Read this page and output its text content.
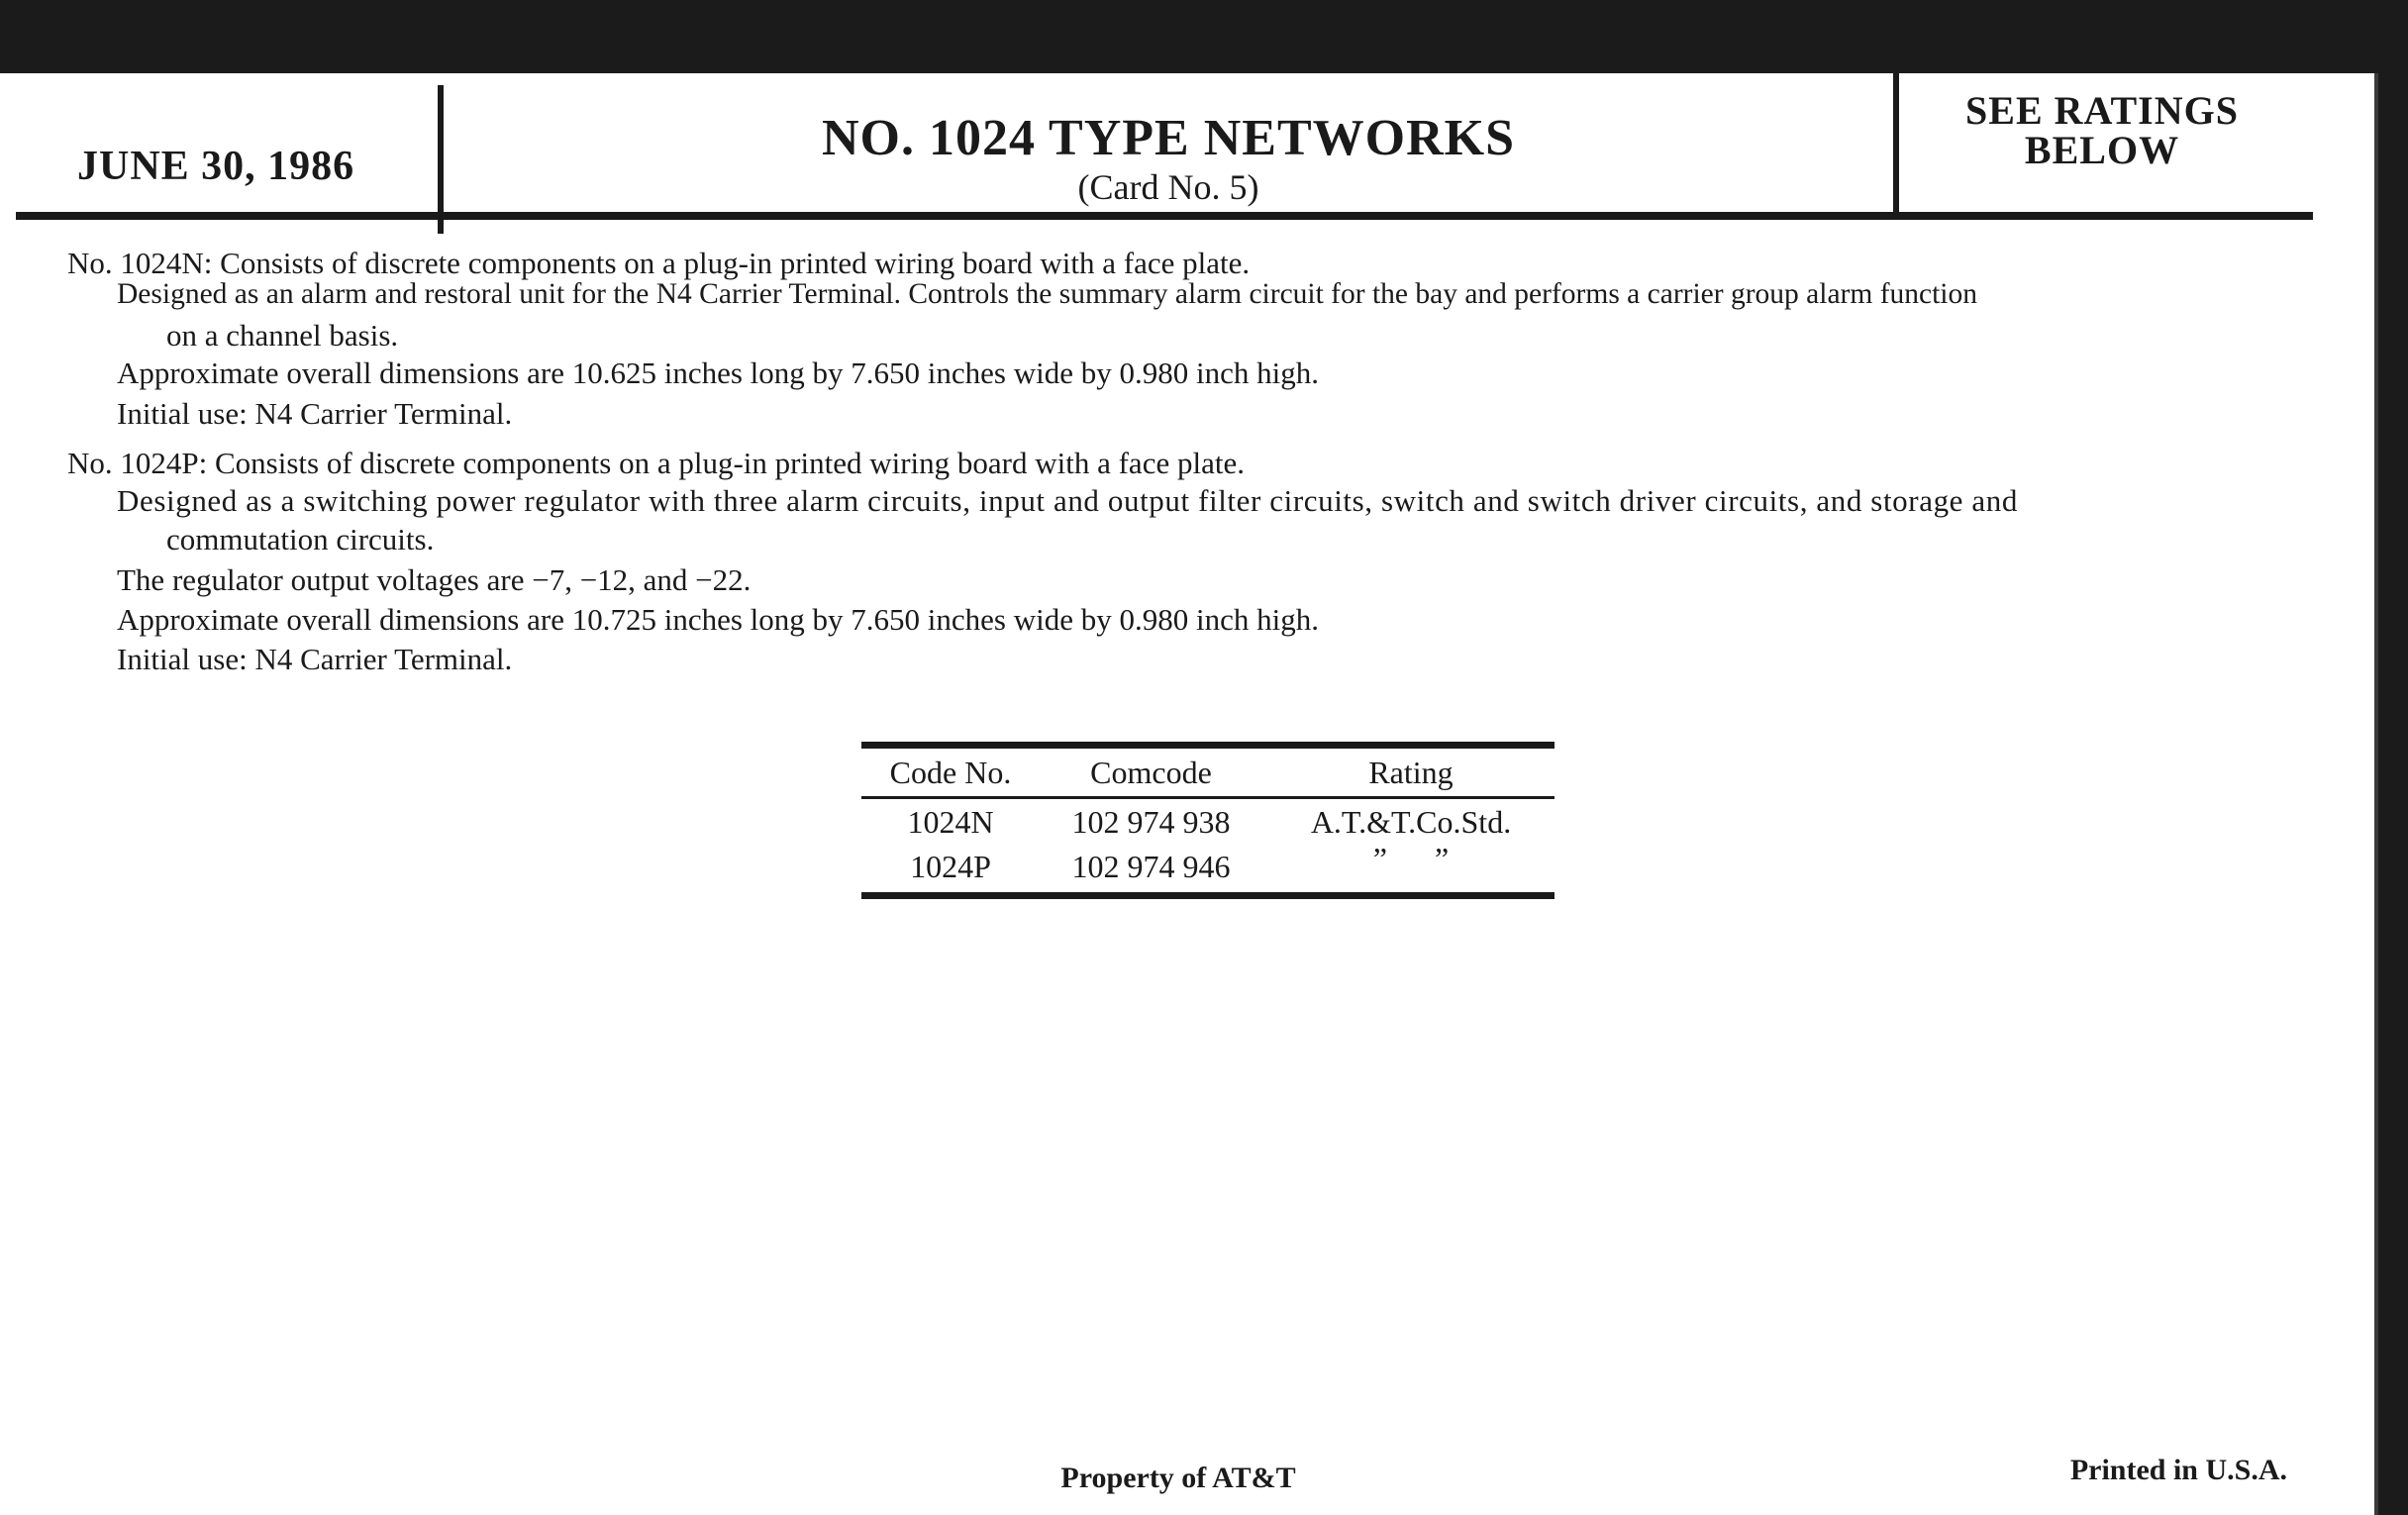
JUNE 30, 1986	NO. 1024 TYPE NETWORKS
(Card No. 5)
SEE RATINGS
BELOW
No. 1024N: Consists of discrete components on a plug-in printed wiring board with a face plate.
Designed as an alarm and restoral unit for the N4 Carrier Terminal. Controls the summary alarm circuit for the bay and performs a carrier group alarm function
on a channel basis.
Approximate overall dimensions are 10.625 inches long by 7.650 inches wide by 0.980 inch high.
Initial use: N4 Carrier Terminal.
No. 1024P: Consists of discrete components on a plug-in printed wiring board with a face plate.
Designed as a switching power regulator with three alarm circuits, input and output filter circuits, switch and switch driver circuits, and storage and
commutation circuits.
The regulator output voltages are −7, −12, and −22.
Approximate overall dimensions are 10.725 inches long by 7.650 inches wide by 0.980 inch high.
Initial use: N4 Carrier Terminal.
Code No.	Comcode	Rating
1024N	102 974 938	A.T.&T.Co.Std.
1024P	102 974 946	”      ”
Property of AT&T	Printed in U.S.A.
